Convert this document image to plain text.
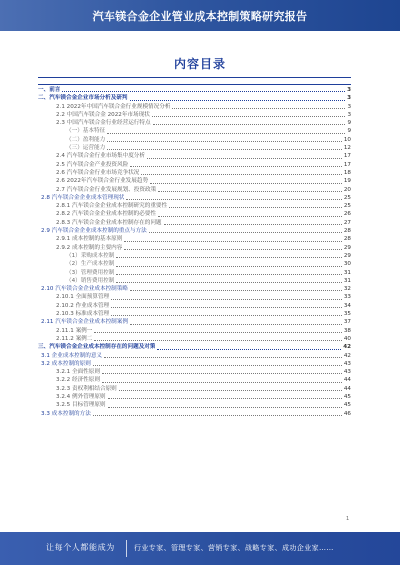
汽车镁合金企业管业成本控制策略研究报告
内容目录
一、前言	3
二、汽车镁合金企业市场分析及研判	3
2.1 2022年中国汽车镁合金行业规模情况分析	3
2.2 中国汽车镁合金 2022年市场现状	3
2.3 中国汽车镁合金行业经营运行特点	9
（一）基本特征	9
（二）盈利能力	10
（三）运营能力	12
2.4 汽车镁合金行业市场集中度分析	17
2.5 汽车镁合金产业投资风险	17
2.6 汽车镁合金行业市场竞争状况	18
2.6 2022年汽车镁合金行业发展趋势	19
2.7 汽车镁合金行业发展规划、投资政策	20
2.8 汽车镁合金企业成本管理现状	25
2.8.1 汽车镁合金企业成本控制研究的重要性	25
2.8.2 汽车镁合金企业成本控制的必要性	26
2.8.3 汽车镁合金企业成本控制存在的问题	27
2.9 汽车镁合金企业成本控制的重点与方法	28
2.9.1 成本控制的基本原则	28
2.9.2 成本控制的主要内容	29
（1）采购成本控制	29
（2）生产成本控制	30
（3）管理费用控制	31
（4）销售费用控制	31
2.10 汽车镁合金企业成本控制策略	32
2.10.1 全面预算管理	33
2.10.2 作业成本管理	34
2.10.3 标准成本管理	35
2.11 汽车镁合金企业成本控制案例	37
2.11.1 案例一	38
2.11.2 案例二	40
三、汽车镁合金企业成本控制存在的问题及对策	42
3.1 企业成本控制的意义	42
3.2 成本控制的原则	43
3.2.1 全面性原则	43
3.2.2 经济性原则	44
3.2.3 责权利相结合原则	44
3.2.4 例外管理原则	45
3.2.5 目标管理原则	45
3.3 成本控制的方法	46
1
让每个人都能成为	行业专家、管理专家、营销专家、战略专家、成功企业家……
